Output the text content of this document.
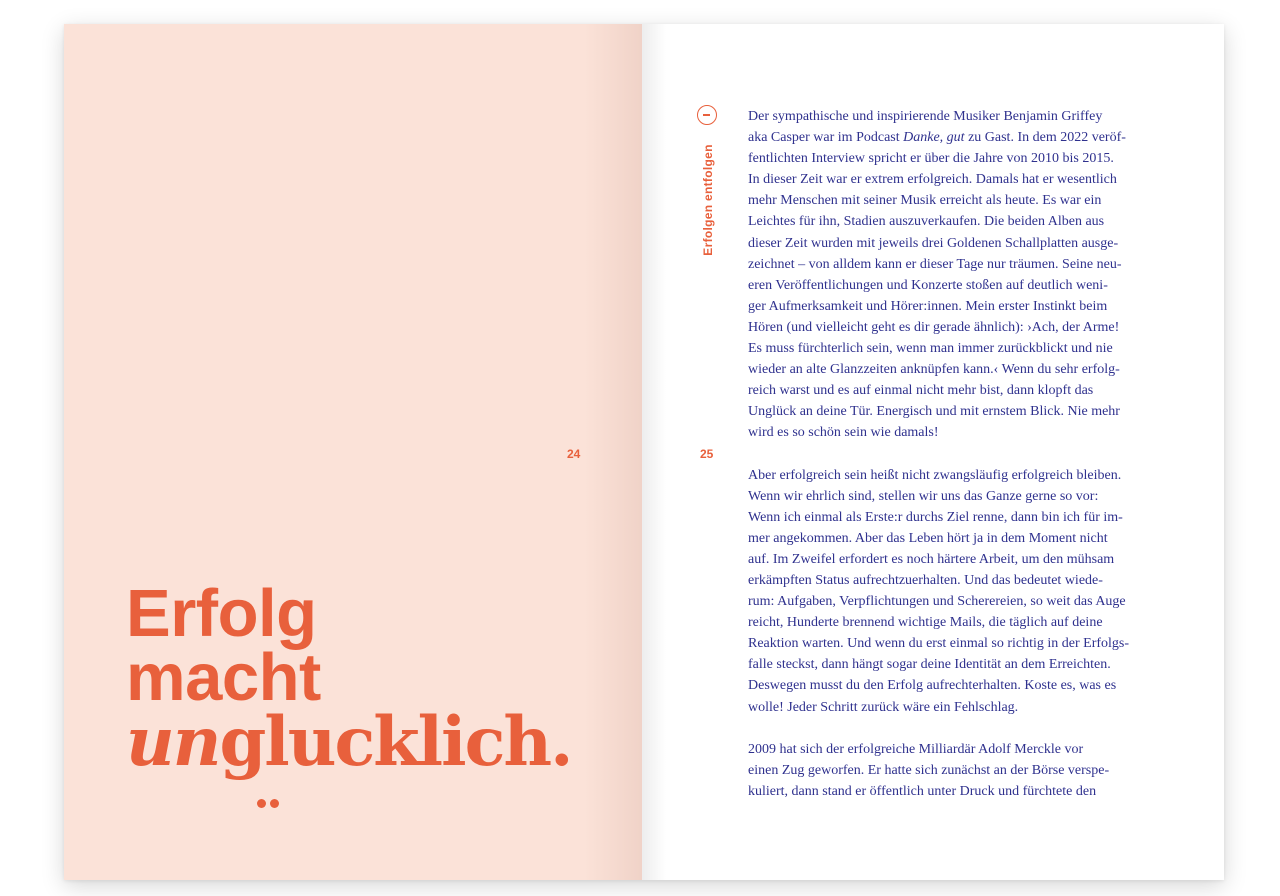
Erfolg
macht
unglucklich.
24
Erfolgen entfolgen
25

Der sympathische und inspirierende Musiker Benjamin Griffey
aka Casper war im Podcast Danke, gut zu Gast. In dem 2022 veröf-
fentlichten Interview spricht er über die Jahre von 2010 bis 2015.
In dieser Zeit war er extrem erfolgreich. Damals hat er wesentlich
mehr Menschen mit seiner Musik erreicht als heute. Es war ein
Leichtes für ihn, Stadien auszuverkaufen. Die beiden Alben aus
dieser Zeit wurden mit jeweils drei Goldenen Schallplatten ausge-
zeichnet – von alldem kann er dieser Tage nur träumen. Seine neu-
eren Veröffentlichungen und Konzerte stoßen auf deutlich weni-
ger Aufmerksamkeit und Hörer:innen. Mein erster Instinkt beim
Hören (und vielleicht geht es dir gerade ähnlich): ›Ach, der Arme!
Es muss fürchterlich sein, wenn man immer zurückblickt und nie
wieder an alte Glanzzeiten anknüpfen kann.‹ Wenn du sehr erfolg-
reich warst und es auf einmal nicht mehr bist, dann klopft das
Unglück an deine Tür. Energisch und mit ernstem Blick. Nie mehr
wird es so schön sein wie damals!

Aber erfolgreich sein heißt nicht zwangsläufig erfolgreich bleiben.
Wenn wir ehrlich sind, stellen wir uns das Ganze gerne so vor:
Wenn ich einmal als Erste:r durchs Ziel renne, dann bin ich für im-
mer angekommen. Aber das Leben hört ja in dem Moment nicht
auf. Im Zweifel erfordert es noch härtere Arbeit, um den mühsam
erkämpften Status aufrechtzuerhalten. Und das bedeutet wiede-
rum: Aufgaben, Verpflichtungen und Scherereien, so weit das Auge
reicht, Hunderte brennend wichtige Mails, die täglich auf deine
Reaktion warten. Und wenn du erst einmal so richtig in der Erfolgs-
falle steckst, dann hängt sogar deine Identität an dem Erreichten.
Deswegen musst du den Erfolg aufrechterhalten. Koste es, was es
wolle! Jeder Schritt zurück wäre ein Fehlschlag.

2009 hat sich der erfolgreiche Milliardär Adolf Merckle vor
einen Zug geworfen. Er hatte sich zunächst an der Börse verspe-
kuliert, dann stand er öffentlich unter Druck und fürchtete den
